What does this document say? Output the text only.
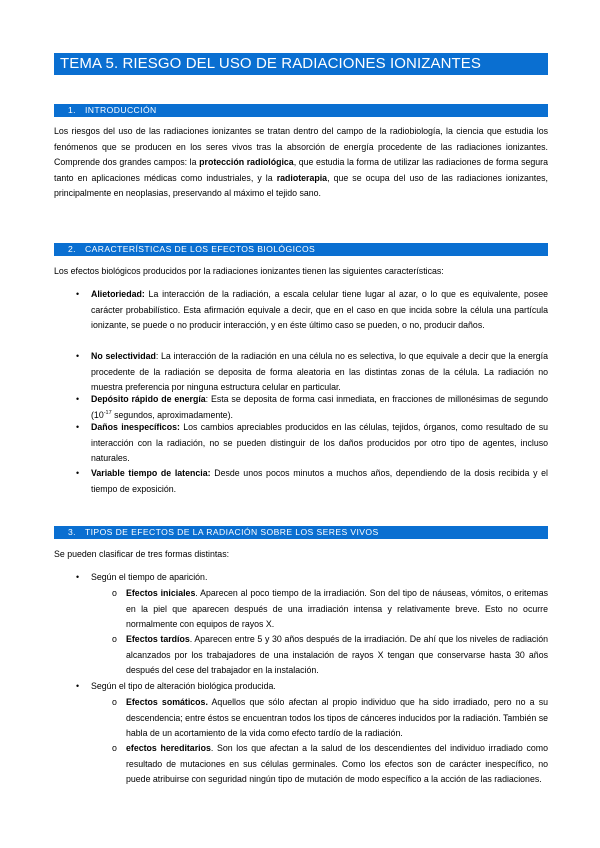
TEMA 5. RIESGO DEL USO DE RADIACIONES IONIZANTES
1. INTRODUCCIÓN

Los riesgos del uso de las radiaciones ionizantes se tratan dentro del campo de la radiobiología, la ciencia que estudia los fenómenos que se producen en los seres vivos tras la absorción de energía procedente de las radiaciones ionizantes. Comprende dos grandes campos: la protección radiológica, que estudia la forma de utilizar las radiaciones de forma segura tanto en aplicaciones médicas como industriales, y la radioterapia, que se ocupa del uso de las radiaciones ionizantes, principalmente en neoplasias, preservando al máximo el tejido sano.

2. CARACTERÍSTICAS DE LOS EFECTOS BIOLÓGICOS

Los efectos biológicos producidos por la radiaciones ionizantes tienen las siguientes características:

• Alietoriedad: La interacción de la radiación, a escala celular tiene lugar al azar, o lo que es equivalente, posee carácter probabilístico. Esta afirmación equivale a decir, que en el caso en que incida sobre la célula una partícula ionizante, se puede o no producir interacción, y en éste último caso se pueden, o no, producir daños.
• No selectividad: La interacción de la radiación en una célula no es selectiva, lo que equivale a decir que la energía procedente de la radiación se deposita de forma aleatoria en las distintas zonas de la célula. La radiación no muestra preferencia por ninguna estructura celular en particular.
• Depósito rápido de energía: Esta se deposita de forma casi inmediata, en fracciones de millonésimas de segundo ($10^{-17}$ segundos, aproximadamente).
• Daños inespecíficos: Los cambios apreciables producidos en las células, tejidos, órganos, como resultado de su interacción con la radiación, no se pueden distinguir de los daños producidos por otro tipo de agentes, incluso naturales.
• Variable tiempo de latencia: Desde unos pocos minutos a muchos años, dependiendo de la dosis recibida y el tiempo de exposición.
3. TIPOS DE EFECTOS DE LA RADIACIÓN SOBRE LOS SERES VIVOS

Se pueden clasificar de tres formas distintas:

• Según el tiempo de aparición.
o Efectos iniciales. Aparecen al poco tiempo de la irradiación. Son del tipo de náuseas, vómitos, o eritemas en la piel que aparecen después de una irradiación intensa y relativamente breve. Esto no ocurre normalmente con equipos de rayos X.
o Efectos tardíos. Aparecen entre 5 y 30 años después de la irradiación. De ahí que los niveles de radiación alcanzados por los trabajadores de una instalación de rayos X tengan que conservarse hasta 30 años después del cese del trabajador en la instalación.
• Según el tipo de alteración biológica producida.
o Efectos somáticos. Aquellos que sólo afectan al propio individuo que ha sido irradiado, pero no a su descendencia; entre éstos se encuentran todos los tipos de cánceres inducidos por la radiación. También se habla de un acortamiento de la vida como efecto tardío de la radiación.
o efectos hereditarios. Son los que afectan a la salud de los descendientes del individuo irradiado como resultado de mutaciones en sus células germinales. Como los efectos son de carácter inespecífico, no puede atribuirse con seguridad ningún tipo de mutación de modo específico a la acción de las radiaciones.
